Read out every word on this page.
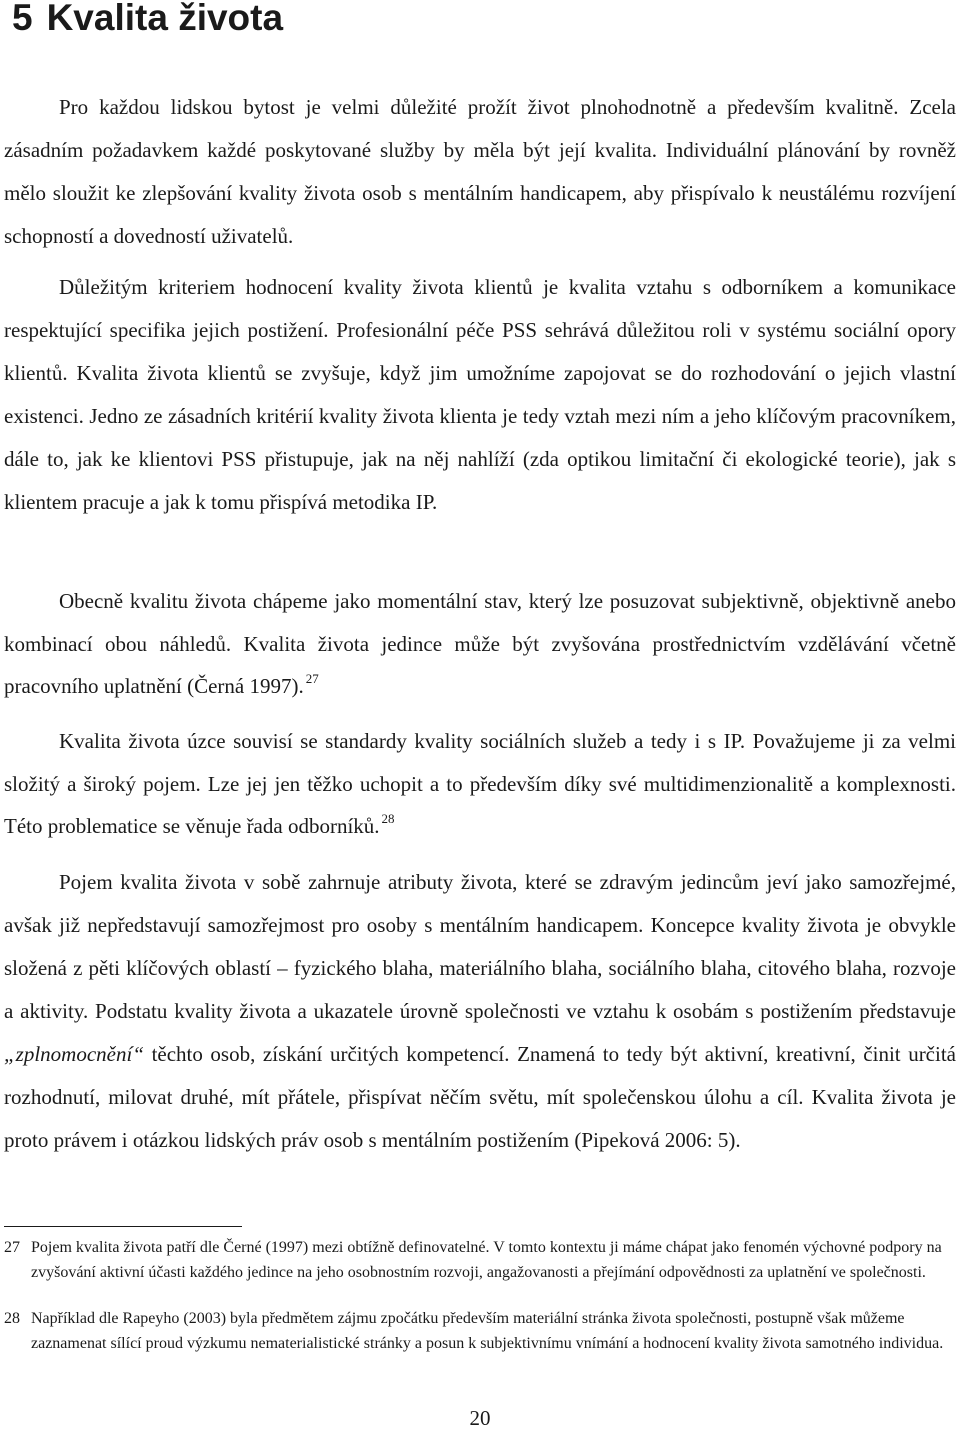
5 Kvalita života

Pro každou lidskou bytost je velmi důležité prožít život plnohodnotně a především kvalitně. Zcela zásadním požadavkem každé poskytované služby by měla být její kvalita. Individuální plánování by rovněž mělo sloužit ke zlepšování kvality života osob s mentálním handicapem, aby přispívalo k neustálému rozvíjení schopností a dovedností uživatelů.

Důležitým kriteriem hodnocení kvality života klientů je kvalita vztahu s odborníkem a komunikace respektující specifika jejich postižení. Profesionální péče PSS sehrává důležitou roli v systému sociální opory klientů. Kvalita života klientů se zvyšuje, když jim umožníme zapojovat se do rozhodování o jejich vlastní existenci. Jedno ze zásadních kritérií kvality života klienta je tedy vztah mezi ním a jeho klíčovým pracovníkem, dále to, jak ke klientovi PSS přistupuje, jak na něj nahlíží (zda optikou limitační či ekologické teorie), jak s klientem pracuje a jak k tomu přispívá metodika IP.

Obecně kvalitu života chápeme jako momentální stav, který lze posuzovat subjektivně, objektivně anebo kombinací obou náhledů. Kvalita života jedince může být zvyšována prostřednictvím vzdělávání včetně pracovního uplatnění (Černá 1997). $^{27}$

Kvalita života úzce souvisí se standardy kvality sociálních služeb a tedy i s IP. Považujeme ji za velmi složitý a široký pojem. Lze jej jen těžko uchopit a to především díky své multidimenzionalitě a komplexnosti. Této problematice se věnuje řada odborníků. $^{28}$

Pojem kvalita života v sobě zahrnuje atributy života, které se zdravým jedincům jeví jako samozřejmé, avšak již nepředstavují samozřejmost pro osoby s mentálním handicapem. Koncepce kvality života je obvykle složená z pěti klíčových oblastí – fyzického blaha, materiálního blaha, sociálního blaha, citového blaha, rozvoje a aktivity. Podstatu kvality života a ukazatele úrovně společnosti ve vztahu k osobám s postižením představuje „zplnomocnění“ těchto osob, získání určitých kompetencí. Znamená to tedy být aktivní, kreativní, činit určitá rozhodnutí, milovat druhé, mít přátele, přispívat něčím světu, mít společenskou úlohu a cíl. Kvalita života je proto právem i otázkou lidských práv osob s mentálním postižením (Pipeková 2006: 5).

27 Pojem kvalita života patří dle Černé (1997) mezi obtížně definovatelné. V tomto kontextu ji máme chápat jako fenomén výchovné podpory na zvyšování aktivní účasti každého jedince na jeho osobnostním rozvoji, angažovanosti a přejímání odpovědnosti za uplatnění ve společnosti.
28 Například dle Rapeyho (2003) byla předmětem zájmu zpočátku především materiální stránka života společnosti, postupně však můžeme zaznamenat sílící proud výzkumu nematerialistické stránky a posun k subjektivnímu vnímání a hodnocení kvality života samotného individua.

20
